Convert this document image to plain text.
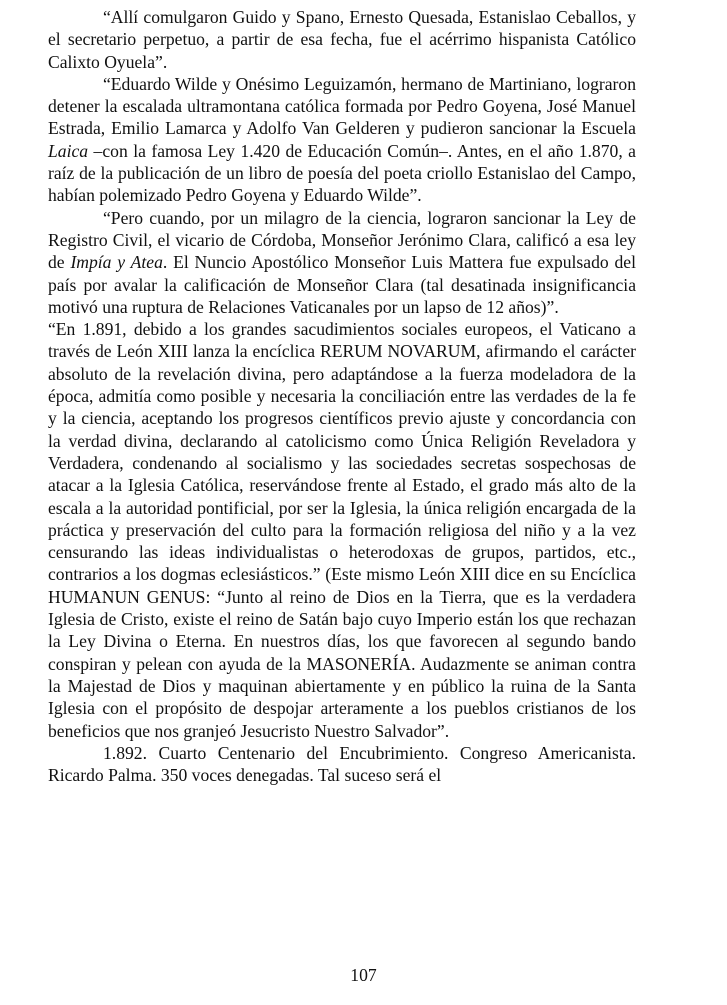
“Allí comulgaron Guido y Spano, Ernesto Quesada, Estanislao Ceballos, y el secretario perpetuo, a partir de esa fecha, fue el acérrimo hispanista Católico Calixto Oyuela”.

“Eduardo Wilde y Onésimo Leguizamón, hermano de Martiniano, lograron detener la escalada ultramontana católica formada por Pedro Goyena, José Manuel Estrada, Emilio Lamarca y Adolfo Van Gelderen y pudieron sancionar la Escuela Laica –con la famosa Ley 1.420 de Educación Común–. Antes, en el año 1.870, a raíz de la publicación de un libro de poesía del poeta criollo Estanislao del Campo, habían polemizado Pedro Goyena y Eduardo Wilde”.

“Pero cuando, por un milagro de la ciencia, lograron sancionar la Ley de Registro Civil, el vicario de Córdoba, Monseñor Jerónimo Clara, calificó a esa ley de Impía y Atea. El Nuncio Apostólico Monseñor Luis Mattera fue expulsado del país por avalar la calificación de Monseñor Clara (tal desatinada insignificancia motivó una ruptura de Relaciones Vaticanales por un lapso de 12 años)”.

“En 1.891, debido a los grandes sacudimientos sociales europeos, el Vaticano a través de León XIII lanza la encíclica RERUM NOVARUM, afirmando el carácter absoluto de la revelación divina, pero adaptándose a la fuerza modeladora de la época, admitía como posible y necesaria la conciliación entre las verdades de la fe y la ciencia, aceptando los progresos científicos previo ajuste y concordancia con la verdad divina, declarando al catolicismo como Única Religión Reveladora y Verdadera, condenando al socialismo y las sociedades secretas sospechosas de atacar a la Iglesia Católica, reservándose frente al Estado, el grado más alto de la escala a la autoridad pontificial, por ser la Iglesia, la única religión encargada de la práctica y preservación del culto para la formación religiosa del niño y a la vez censurando las ideas individualistas o heterodoxas de grupos, partidos, etc., contrarios a los dogmas eclesiásticos.” (Este mismo León XIII dice en su Encíclica HUMANUN GENUS: “Junto al reino de Dios en la Tierra, que es la verdadera Iglesia de Cristo, existe el reino de Satán bajo cuyo Imperio están los que rechazan la Ley Divina o Eterna. En nuestros días, los que favorecen al segundo bando conspiran y pelean con ayuda de la MASONERÍA. Audazmente se animan contra la Majestad de Dios y maquinan abiertamente y en público la ruina de la Santa Iglesia con el propósito de despojar arteramente a los pueblos cristianos de los beneficios que nos granjeó Jesucristo Nuestro Salvador”.

1.892. Cuarto Centenario del Encubrimiento. Congreso Americanista. Ricardo Palma. 350 voces denegadas. Tal suceso será el

107
